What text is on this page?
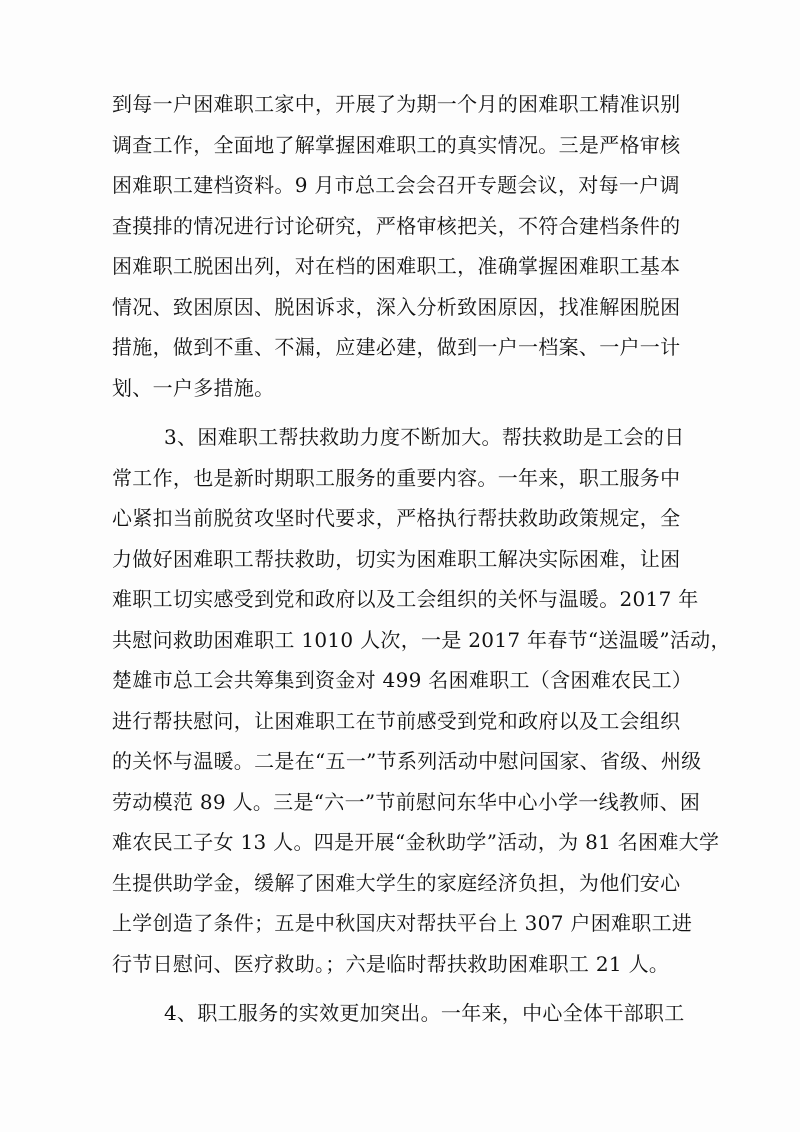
到每一户困难职工家中，开展了为期一个月的困难职工精准识别
调查工作，全面地了解掌握困难职工的真实情况。三是严格审核
困难职工建档资料。9 月市总工会会召开专题会议，对每一户调
查摸排的情况进行讨论研究，严格审核把关，不符合建档条件的
困难职工脱困出列，对在档的困难职工，准确掌握困难职工基本
情况、致困原因、脱困诉求，深入分析致困原因，找准解困脱困
措施，做到不重、不漏，应建必建，做到一户一档案、一户一计
划、一户多措施。
3、困难职工帮扶救助力度不断加大。帮扶救助是工会的日
常工作，也是新时期职工服务的重要内容。一年来，职工服务中
心紧扣当前脱贫攻坚时代要求，严格执行帮扶救助政策规定，全
力做好困难职工帮扶救助，切实为困难职工解决实际困难，让困
难职工切实感受到党和政府以及工会组织的关怀与温暖。2017 年
共慰问救助困难职工 1010 人次，一是 2017 年春节“送温暖”活动，
楚雄市总工会共筹集到资金对 499 名困难职工（含困难农民工）
进行帮扶慰问，让困难职工在节前感受到党和政府以及工会组织
的关怀与温暖。二是在“五一”节系列活动中慰问国家、省级、州级
劳动模范 89 人。三是“六一”节前慰问东华中心小学一线教师、困
难农民工子女 13 人。四是开展“金秋助学”活动，为 81 名困难大学
生提供助学金，缓解了困难大学生的家庭经济负担，为他们安心
上学创造了条件；五是中秋国庆对帮扶平台上 307 户困难职工进
行节日慰问、医疗救助。；六是临时帮扶救助困难职工 21 人。
4、职工服务的实效更加突出。一年来，中心全体干部职工
